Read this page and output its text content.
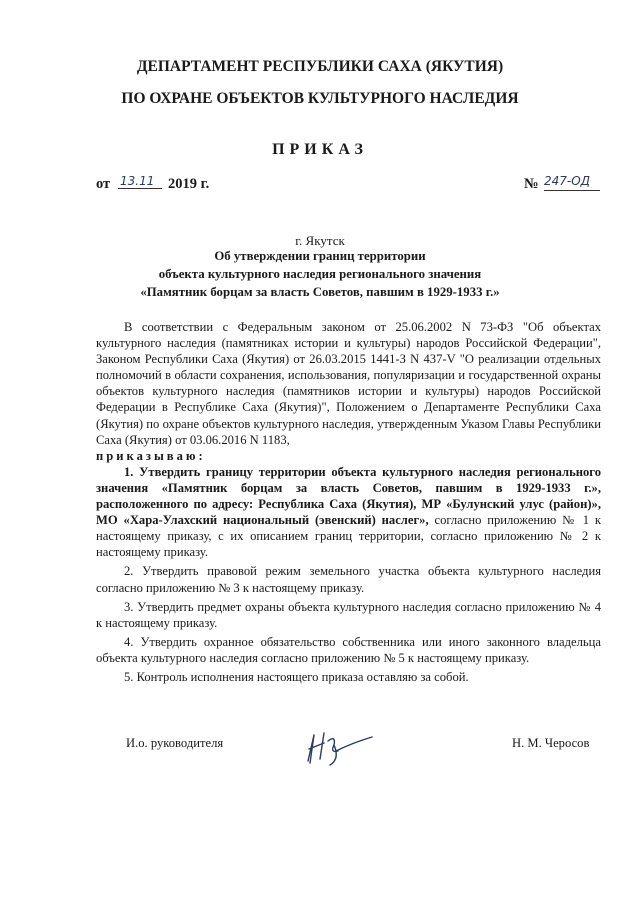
ДЕПАРТАМЕНТ РЕСПУБЛИКИ САХА (ЯКУТИЯ)
ПО ОХРАНЕ ОБЪЕКТОВ КУЛЬТУРНОГО НАСЛЕДИЯ
ПРИКАЗ
от 13.11 2019 г.	№ 247-ОД
г. Якутск
Об утверждении границ территории
объекта культурного наследия регионального значения
«Памятник борцам за власть Советов, павшим в 1929-1933 г.»

В соответствии с Федеральным законом от 25.06.2002 N 73-ФЗ "Об объектах культурного наследия (памятниках истории и культуры) народов Российской Федерации", Законом Республики Саха (Якутия) от 26.03.2015 1441-З N 437-V "О реализации отдельных полномочий в области сохранения, использования, популяризации и государственной охраны объектов культурного наследия (памятников истории и культуры) народов Российской Федерации в Республике Саха (Якутия)", Положением о Департаменте Республики Саха (Якутия) по охране объектов культурного наследия, утвержденным Указом Главы Республики Саха (Якутия) от 03.06.2016 N 1183,

приказываю:

1. Утвердить границу территории объекта культурного наследия регионального значения «Памятник борцам за власть Советов, павшим в 1929-1933 г.», расположенного по адресу: Республика Саха (Якутия), МР «Булунский улус (район)», МО «Хара-Улахский национальный (эвенский) наслег», согласно приложению № 1 к настоящему приказу, с их описанием границ территории, согласно приложению № 2 к настоящему приказу.

2. Утвердить правовой режим земельного участка объекта культурного наследия согласно приложению № 3 к настоящему приказу.

3. Утвердить предмет охраны объекта культурного наследия согласно приложению № 4 к настоящему приказу.

4. Утвердить охранное обязательство собственника или иного законного владельца объекта культурного наследия согласно приложению № 5 к настоящему приказу.

5. Контроль исполнения настоящего приказа оставляю за собой.

И.о. руководителя	Н. М. Черосов
